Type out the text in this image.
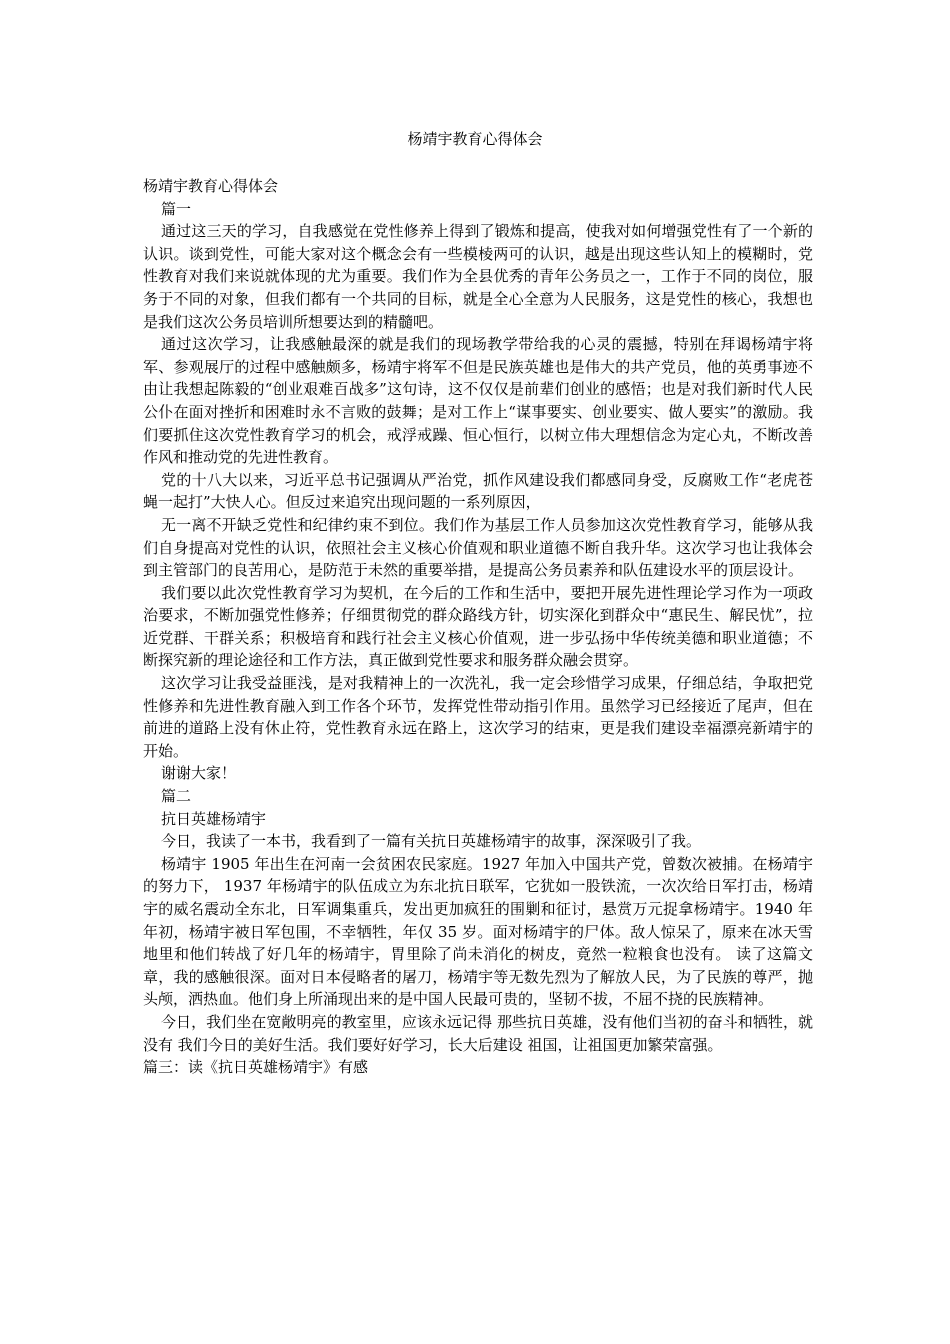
杨靖宇教育心得体会

杨靖宇教育心得体会

篇一

通过这三天的学习，自我感觉在党性修养上得到了锻炼和提高，使我对如何增强党性有了一个新的认识。谈到党性，可能大家对这个概念会有一些模棱两可的认识，越是出现这些认知上的模糊时，党性教育对我们来说就体现的尤为重要。我们作为全县优秀的青年公务员之一，工作于不同的岗位，服务于不同的对象，但我们都有一个共同的目标，就是全心全意为人民服务，这是党性的核心，我想也是我们这次公务员培训所想要达到的精髓吧。

通过这次学习，让我感触最深的就是我们的现场教学带给我的心灵的震撼，特别在拜谒杨靖宇将军、参观展厅的过程中感触颇多，杨靖宇将军不但是民族英雄也是伟大的共产党员，他的英勇事迹不由让我想起陈毅的“创业艰难百战多”这句诗，这不仅仅是前辈们创业的感悟；也是对我们新时代人民公仆在面对挫折和困难时永不言败的鼓舞；是对工作上“谋事要实、创业要实、做人要实”的激励。我们要抓住这次党性教育学习的机会，戒浮戒躁、恒心恒行，以树立伟大理想信念为定心丸，不断改善作风和推动党的先进性教育。

党的十八大以来，习近平总书记强调从严治党，抓作风建设我们都感同身受，反腐败工作“老虎苍蝇一起打”大快人心。但反过来追究出现问题的一系列原因，

无一离不开缺乏党性和纪律约束不到位。我们作为基层工作人员参加这次党性教育学习，能够从我们自身提高对党性的认识，依照社会主义核心价值观和职业道德不断自我升华。这次学习也让我体会到主管部门的良苦用心，是防范于未然的重要举措，是提高公务员素养和队伍建设水平的顶层设计。

我们要以此次党性教育学习为契机，在今后的工作和生活中，要把开展先进性理论学习作为一项政治要求，不断加强党性修养；仔细贯彻党的群众路线方针，切实深化到群众中“惠民生、解民忧”，拉近党群、干群关系；积极培育和践行社会主义核心价值观，进一步弘扬中华传统美德和职业道德；不断探究新的理论途径和工作方法，真正做到党性要求和服务群众融会贯穿。

这次学习让我受益匪浅，是对我精神上的一次洗礼，我一定会珍惜学习成果，仔细总结，争取把党性修养和先进性教育融入到工作各个环节，发挥党性带动指引作用。虽然学习已经接近了尾声，但在前进的道路上没有休止符，党性教育永远在路上，这次学习的结束，更是我们建设幸福漂亮新靖宇的开始。

谢谢大家！

篇二

抗日英雄杨靖宇

今日，我读了一本书，我看到了一篇有关抗日英雄杨靖宇的故事，深深吸引了我。

杨靖宇 1905 年出生在河南一会贫困农民家庭。1927 年加入中国共产党，曾数次被捕。在杨靖宇的努力下， 1937 年杨靖宇的队伍成立为东北抗日联军，它犹如一股铁流，一次次给日军打击，杨靖宇的威名震动全东北，日军调集重兵，发出更加疯狂的围剿和征讨，悬赏万元捉拿杨靖宇。1940 年年初，杨靖宇被日军包围，不幸牺牲，年仅 35 岁。面对杨靖宇的尸体。敌人惊呆了，原来在冰天雪地里和他们转战了好几年的杨靖宇，胃里除了尚未消化的树皮，竟然一粒粮食也没有。 读了这篇文章，我的感触很深。面对日本侵略者的屠刀，杨靖宇等无数先烈为了解放人民，为了民族的尊严，抛头颅，洒热血。他们身上所涌现出来的是中国人民最可贵的，坚韧不拔，不屈不挠的民族精神。

今日，我们坐在宽敞明亮的教室里，应该永远记得 那些抗日英雄，没有他们当初的奋斗和牺牲，就没有 我们今日的美好生活。我们要好好学习，长大后建设 祖国，让祖国更加繁荣富强。

篇三：读《抗日英雄杨靖宇》有感
